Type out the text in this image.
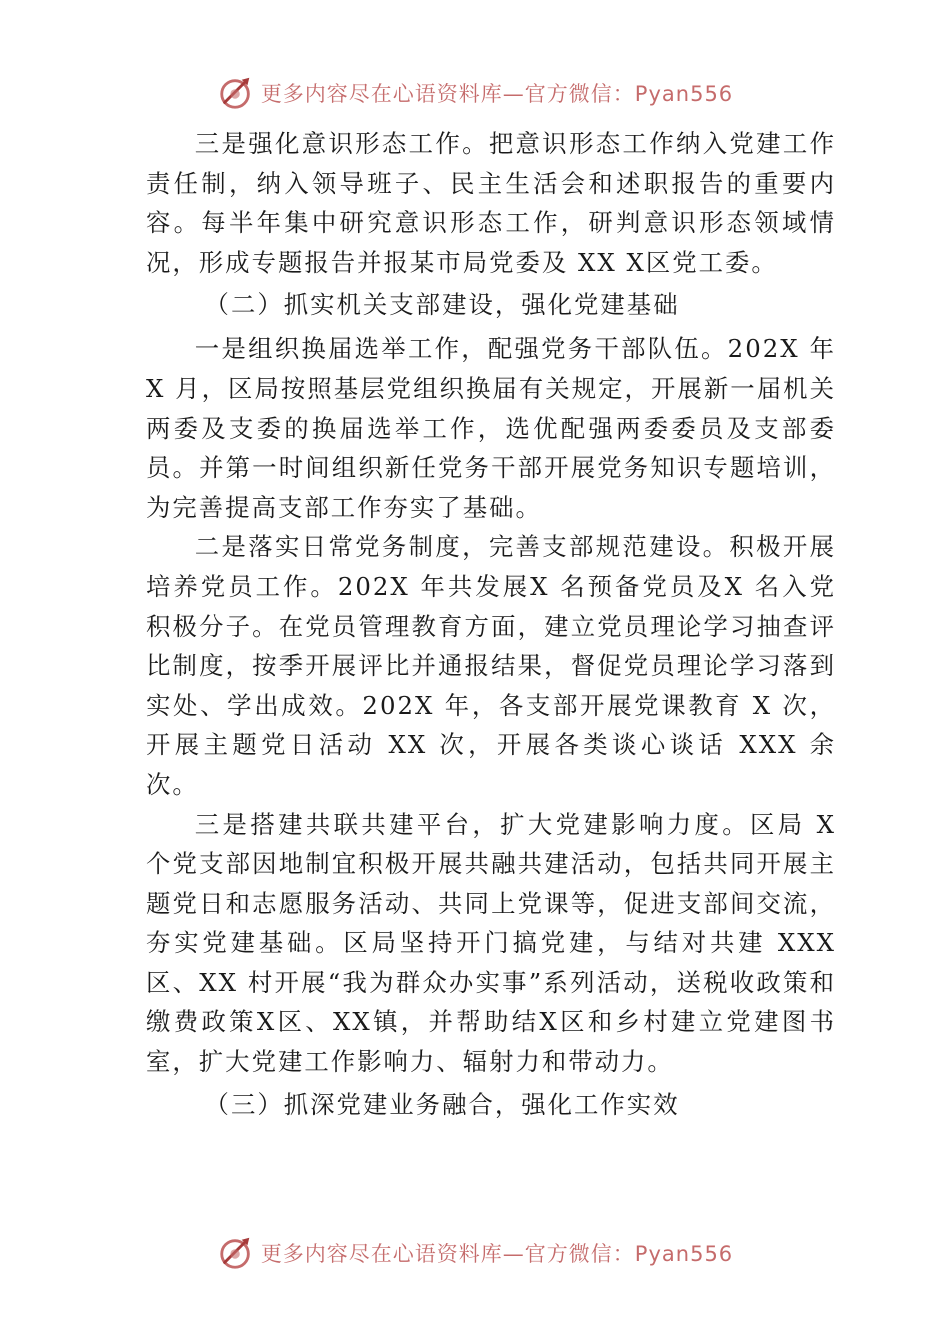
更多内容尽在心语资料库—官方微信：Pyan556

三是强化意识形态工作。把意识形态工作纳入党建工作责任制，纳入领导班子、民主生活会和述职报告的重要内容。每半年集中研究意识形态工作，研判意识形态领域情况，形成专题报告并报某市局党委及 XX X区党工委。

（二）抓实机关支部建设，强化党建基础

一是组织换届选举工作，配强党务干部队伍。202X 年 X 月，区局按照基层党组织换届有关规定，开展新一届机关两委及支委的换届选举工作，选优配强两委委员及支部委员。并第一时间组织新任党务干部开展党务知识专题培训，为完善提高支部工作夯实了基础。

二是落实日常党务制度，完善支部规范建设。积极开展培养党员工作。202X 年共发展X 名预备党员及X 名入党积极分子。在党员管理教育方面，建立党员理论学习抽查评比制度，按季开展评比并通报结果，督促党员理论学习落到实处、学出成效。202X 年，各支部开展党课教育 X 次，开展主题党日活动 XX 次，开展各类谈心谈话 XXX 余次。

三是搭建共联共建平台，扩大党建影响力度。区局 X 个党支部因地制宜积极开展共融共建活动，包括共同开展主题党日和志愿服务活动、共同上党课等，促进支部间交流，夯实党建基础。区局坚持开门搞党建，与结对共建 XXX区、XX 村开展“我为群众办实事”系列活动，送税收政策和缴费政策X区、XX镇，并帮助结X区和乡村建立党建图书室，扩大党建工作影响力、辐射力和带动力。

（三）抓深党建业务融合，强化工作实效

更多内容尽在心语资料库—官方微信：Pyan556
